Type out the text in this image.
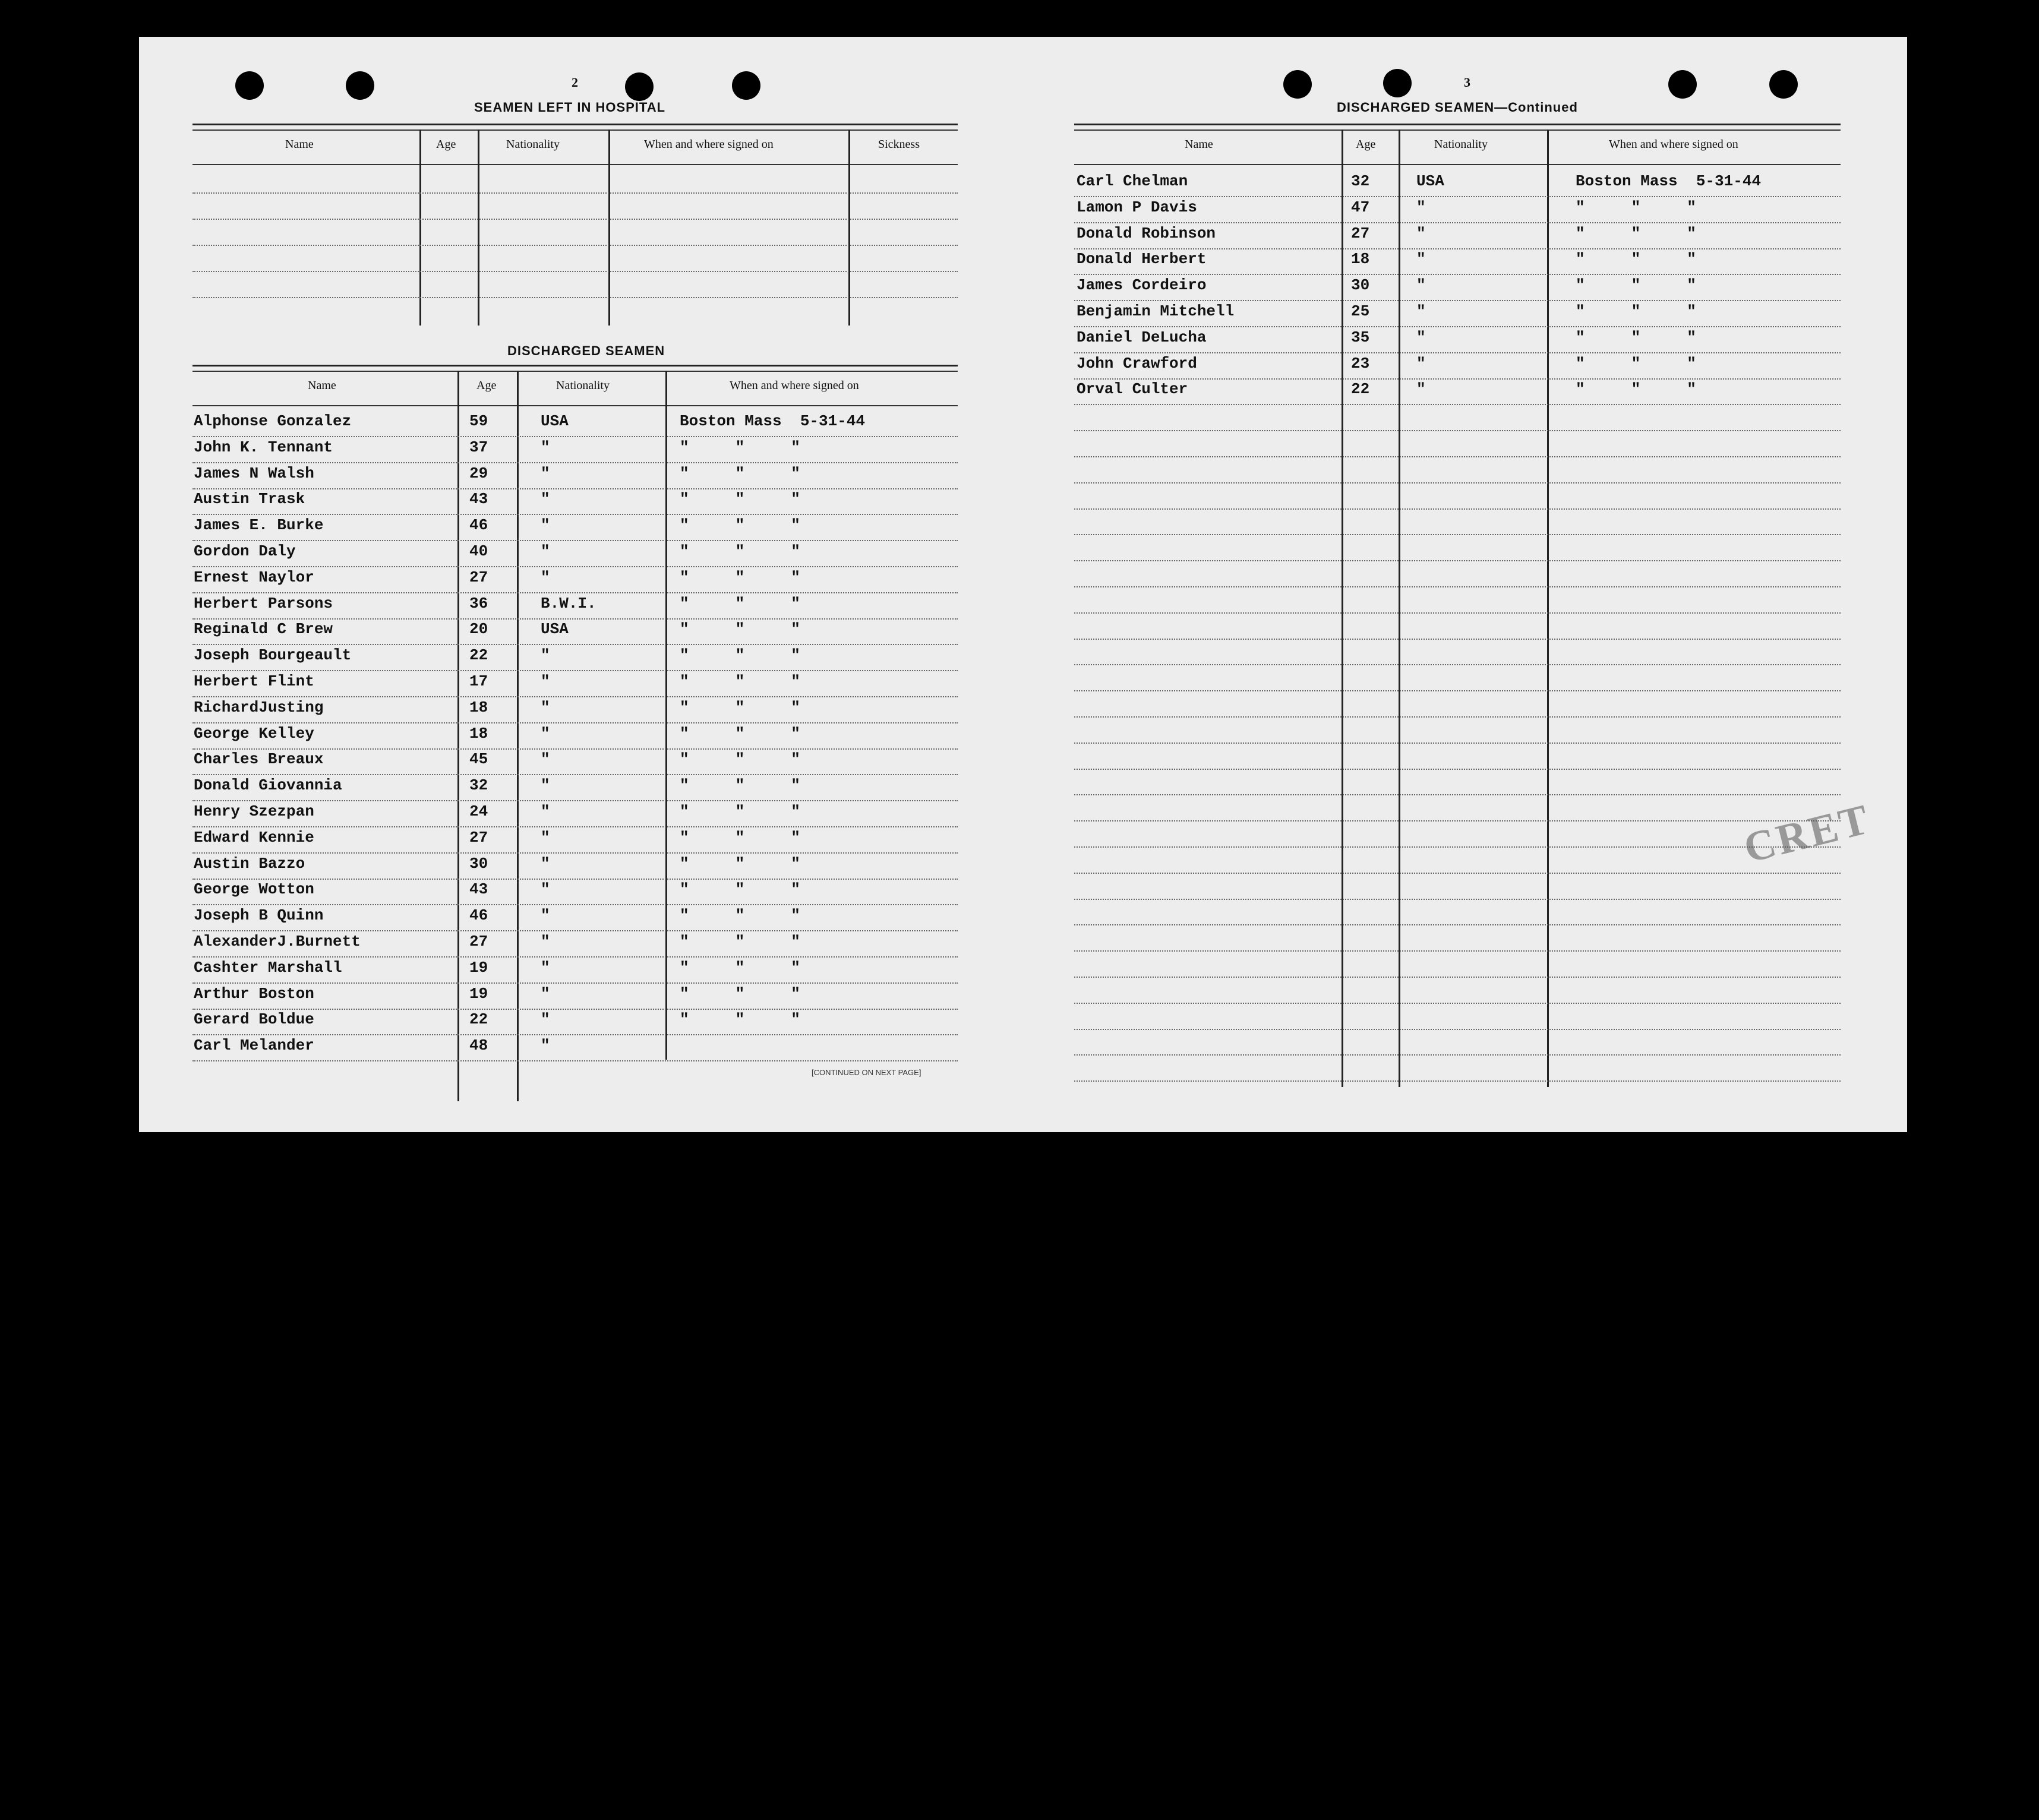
2
SEAMEN LEFT IN HOSPITAL
Name	Age	Nationality	When and where signed on	Sickness
DISCHARGED SEAMEN
Name	Age	Nationality	When and where signed on
Alphonse Gonzalez	59	USA	Boston Mass  5-31-44
John K. Tennant	37	"	"     "     "
James N Walsh	29	"	"     "     "
Austin Trask	43	"	"     "     "
James E. Burke	46	"	"     "     "
Gordon Daly	40	"	"     "     "
Ernest Naylor	27	"	"     "     "
Herbert Parsons	36	B.W.I.	"     "     "
Reginald C Brew	20	USA	"     "     "
Joseph Bourgeault	22	"	"     "     "
Herbert Flint	17	"	"     "     "
RichardJusting	18	"	"     "     "
George Kelley	18	"	"     "     "
Charles Breaux	45	"	"     "     "
Donald Giovannia	32	"	"     "     "
Henry Szezpan	24	"	"     "     "
Edward Kennie	27	"	"     "     "
Austin Bazzo	30	"	"     "     "
George Wotton	43	"	"     "     "
Joseph B Quinn	46	"	"     "     "
AlexanderJ.Burnett	27	"	"     "     "
Cashter Marshall	19	"	"     "     "
Arthur Boston	19	"	"     "     "
Gerard Boldue	22	"	"     "     "
Carl Melander	48	"
[CONTINUED ON NEXT PAGE]
3
DISCHARGED SEAMEN—Continued
Name	Age	Nationality	When and where signed on
Carl Chelman	32	USA	Boston Mass  5-31-44
Lamon P Davis	47	"	"     "     "
Donald Robinson	27	"	"     "     "
Donald Herbert	18	"	"     "     "
James Cordeiro	30	"	"     "     "
Benjamin Mitchell	25	"	"     "     "
Daniel DeLucha	35	"	"     "     "
John Crawford	23	"	"     "     "
Orval Culter	22	"	"     "     "
CRET
